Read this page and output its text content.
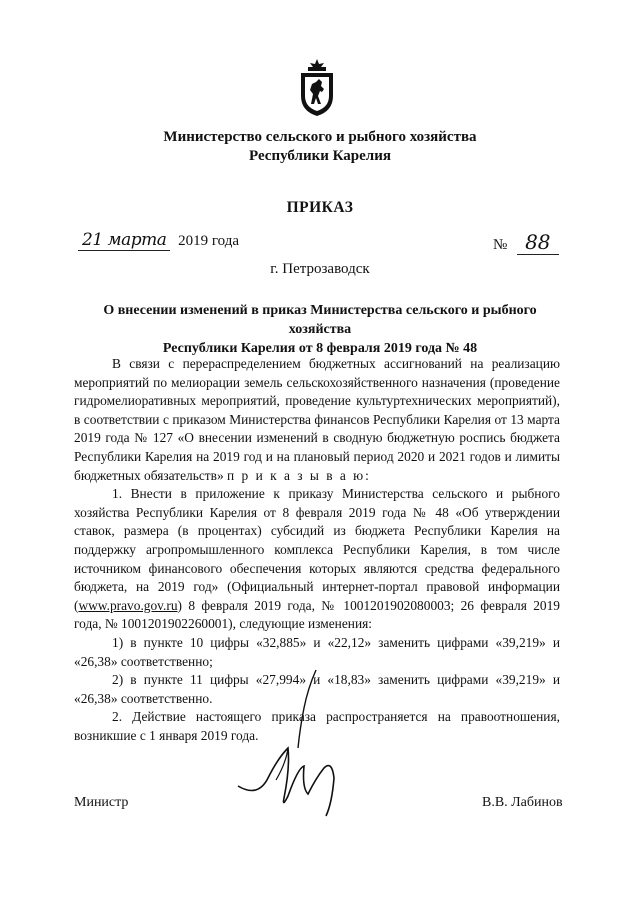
Министерство сельского и рыбного хозяйства
Республики Карелия
ПРИКАЗ
21 марта 2019 года	№ 88
г. Петрозаводск
О внесении изменений в приказ Министерства сельского и рыбного хозяйства
Республики Карелия от 8 февраля 2019 года № 48

В связи с перераспределением бюджетных ассигнований на реализацию мероприятий по мелиорации земель сельскохозяйственного назначения (проведение гидромелиоративных мероприятий, проведение культуртехнических мероприятий), в соответствии с приказом Министерства финансов Республики Карелия от 13 марта 2019 года № 127 «О внесении изменений в сводную бюджетную роспись бюджета Республики Карелия на 2019 год и на плановый период 2020 и 2021 годов и лимиты бюджетных обязательств» п р и к а з ы в а ю:

1. Внести в приложение к приказу Министерства сельского и рыбного хозяйства Республики Карелия от 8 февраля 2019 года № 48 «Об утверждении ставок, размера (в процентах) субсидий из бюджета Республики Карелия на поддержку агропромышленного комплекса Республики Карелия, в том числе источником финансового обеспечения которых являются средства федерального бюджета, на 2019 год» (Официальный интернет-портал правовой информации (www.pravo.gov.ru) 8 февраля 2019 года, № 1001201902080003; 26 февраля 2019 года, № 1001201902260001), следующие изменения:

1) в пункте 10 цифры «32,885» и «22,12» заменить цифрами «39,219» и «26,38» соответственно;

2) в пункте 11 цифры «27,994» и «18,83» заменить цифрами «39,219» и «26,38» соответственно.

2. Действие настоящего приказа распространяется на правоотношения, возникшие с 1 января 2019 года.

Министр	В.В. Лабинов
